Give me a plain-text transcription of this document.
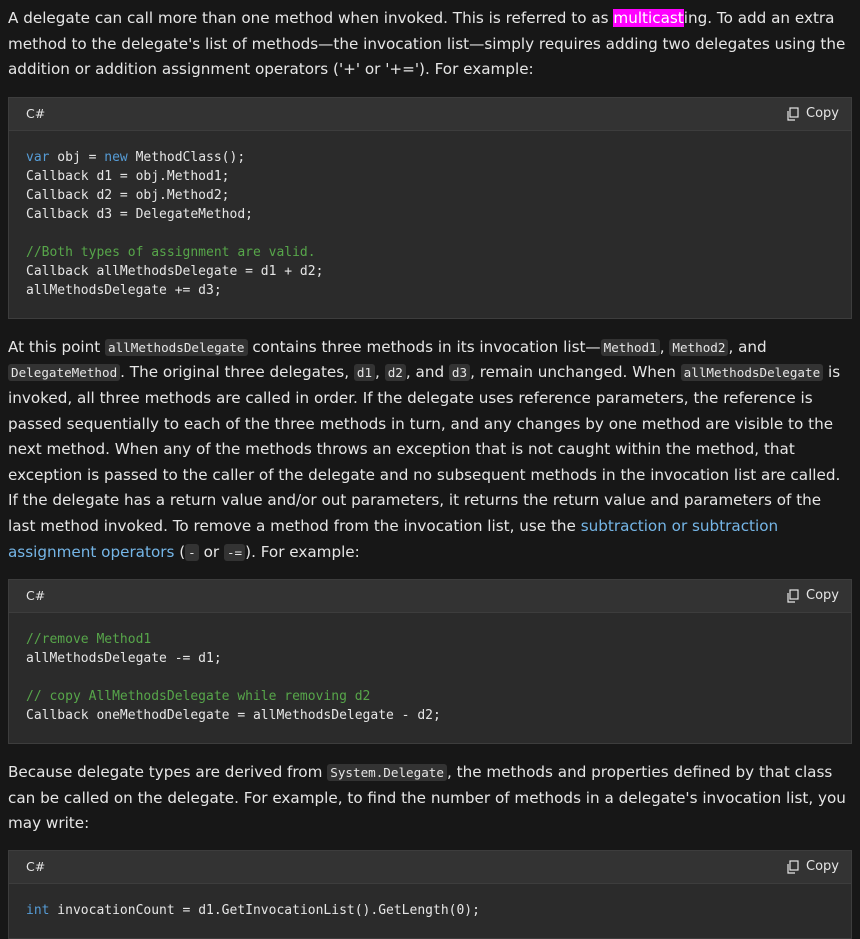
A delegate can call more than one method when invoked. This is referred to as multicasting. To add an extra method to the delegate's list of methods—the invocation list—simply requires adding two delegates using the addition or addition assignment operators ('+' or '+='). For example:

C#	Copy
var obj = new MethodClass();
Callback d1 = obj.Method1;
Callback d2 = obj.Method2;
Callback d3 = DelegateMethod;
//Both types of assignment are valid.
Callback allMethodsDelegate = d1 + d2;
allMethodsDelegate += d3;

At this point allMethodsDelegate contains three methods in its invocation list— Method1 , Method2 , and DelegateMethod . The original three delegates, d1 , d2 , and d3 , remain unchanged. When allMethodsDelegate is invoked, all three methods are called in order. If the delegate uses reference parameters, the reference is passed sequentially to each of the three methods in turn, and any changes by one method are visible to the next method. When any of the methods throws an exception that is not caught within the method, that exception is passed to the caller of the delegate and no subsequent methods in the invocation list are called. If the delegate has a return value and/or out parameters, it returns the return value and parameters of the last method invoked. To remove a method from the invocation list, use the subtraction or subtraction assignment operators ( - or -= ). For example:

C#	Copy
//remove Method1
allMethodsDelegate -= d1;
// copy AllMethodsDelegate while removing d2
Callback oneMethodDelegate = allMethodsDelegate - d2;

Because delegate types are derived from System.Delegate , the methods and properties defined by that class can be called on the delegate. For example, to find the number of methods in a delegate's invocation list, you may write:

C#	Copy
int invocationCount = d1.GetInvocationList().GetLength(0);
